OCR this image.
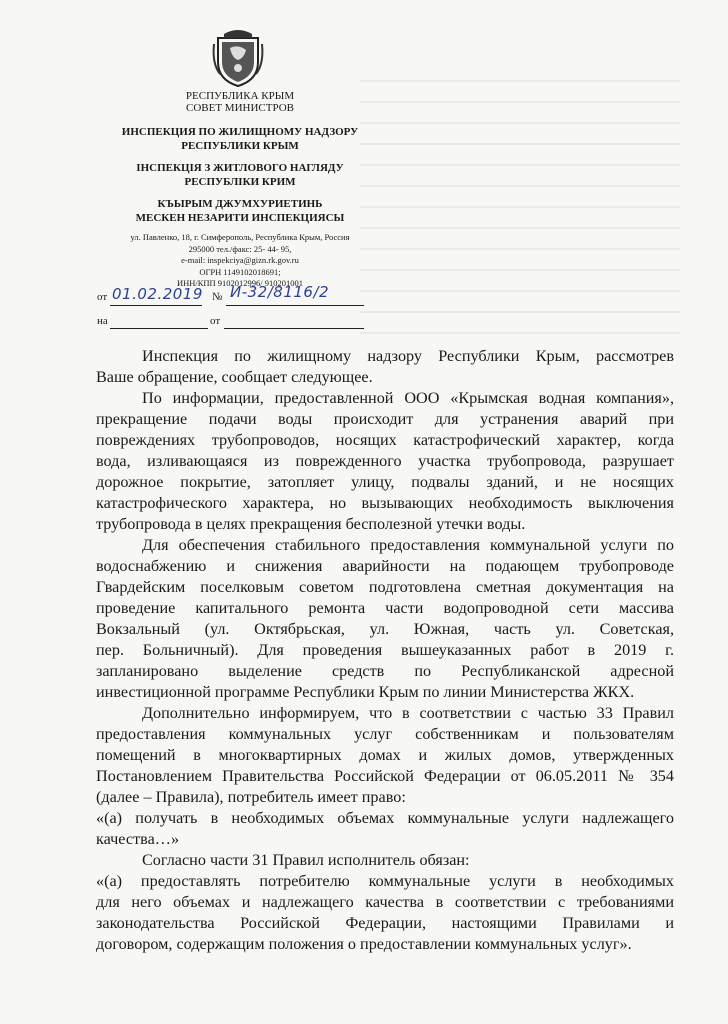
РЕСПУБЛИКА КРЫМ
СОВЕТ МИНИСТРОВ
ИНСПЕКЦИЯ ПО ЖИЛИЩНОМУ НАДЗОРУ
РЕСПУБЛИКИ КРЫМ
ІНСПЕКЦІЯ З ЖИТЛОВОГО НАГЛЯДУ
РЕСПУБЛІКИ КРИМ
КЪЫРЫМ ДЖУМХУРИЕТИНЬ
МЕСКЕН НЕЗАРИТИ ИНСПЕКЦИЯСЫ
ул. Павленко, 18, г. Симферополь, Республика Крым, Россия
295000 тел./факс: 25- 44- 95,
e-mail: inspekciya@gizn.rk.gov.ru
ОГРН 1149102018691;
ИНН/КПП 9102012996/ 910201001
от 01.02.2019 № И-32/8116/2
на	от

Инспекция по жилищному надзору Республики Крым, рассмотрев
Ваше обращение, сообщает следующее.

По информации, предоставленной ООО «Крымская водная компания»,
прекращение подачи воды происходит для устранения аварий при
повреждениях трубопроводов, носящих катастрофический характер, когда
вода, изливающаяся из поврежденного участка трубопровода, разрушает
дорожное покрытие, затопляет улицу, подвалы зданий, и не носящих
катастрофического характера, но вызывающих необходимость выключения
трубопровода в целях прекращения бесполезной утечки воды.

Для обеспечения стабильного предоставления коммунальной услуги по
водоснабжению и снижения аварийности на подающем трубопроводе
Гвардейским поселковым советом подготовлена сметная документация на
проведение капитального ремонта части водопроводной сети массива
Вокзальный (ул. Октябрьская, ул. Южная, часть ул. Советская,
пер. Больничный). Для проведения вышеуказанных работ в 2019 г.
запланировано выделение средств по Республиканской адресной
инвестиционной программе Республики Крым по линии Министерства ЖКХ.

Дополнительно информируем, что в соответствии с частью 33 Правил
предоставления коммунальных услуг собственникам и пользователям
помещений в многоквартирных домах и жилых домов, утвержденных
Постановлением Правительства Российской Федерации от 06.05.2011 № 354
(далее – Правила), потребитель имеет право:

«(а) получать в необходимых объемах коммунальные услуги надлежащего
качества…»

Согласно части 31 Правил исполнитель обязан:

«(а) предоставлять потребителю коммунальные услуги в необходимых
для него объемах и надлежащего качества в соответствии с требованиями
законодательства Российской Федерации, настоящими Правилами и
договором, содержащим положения о предоставлении коммунальных услуг».
